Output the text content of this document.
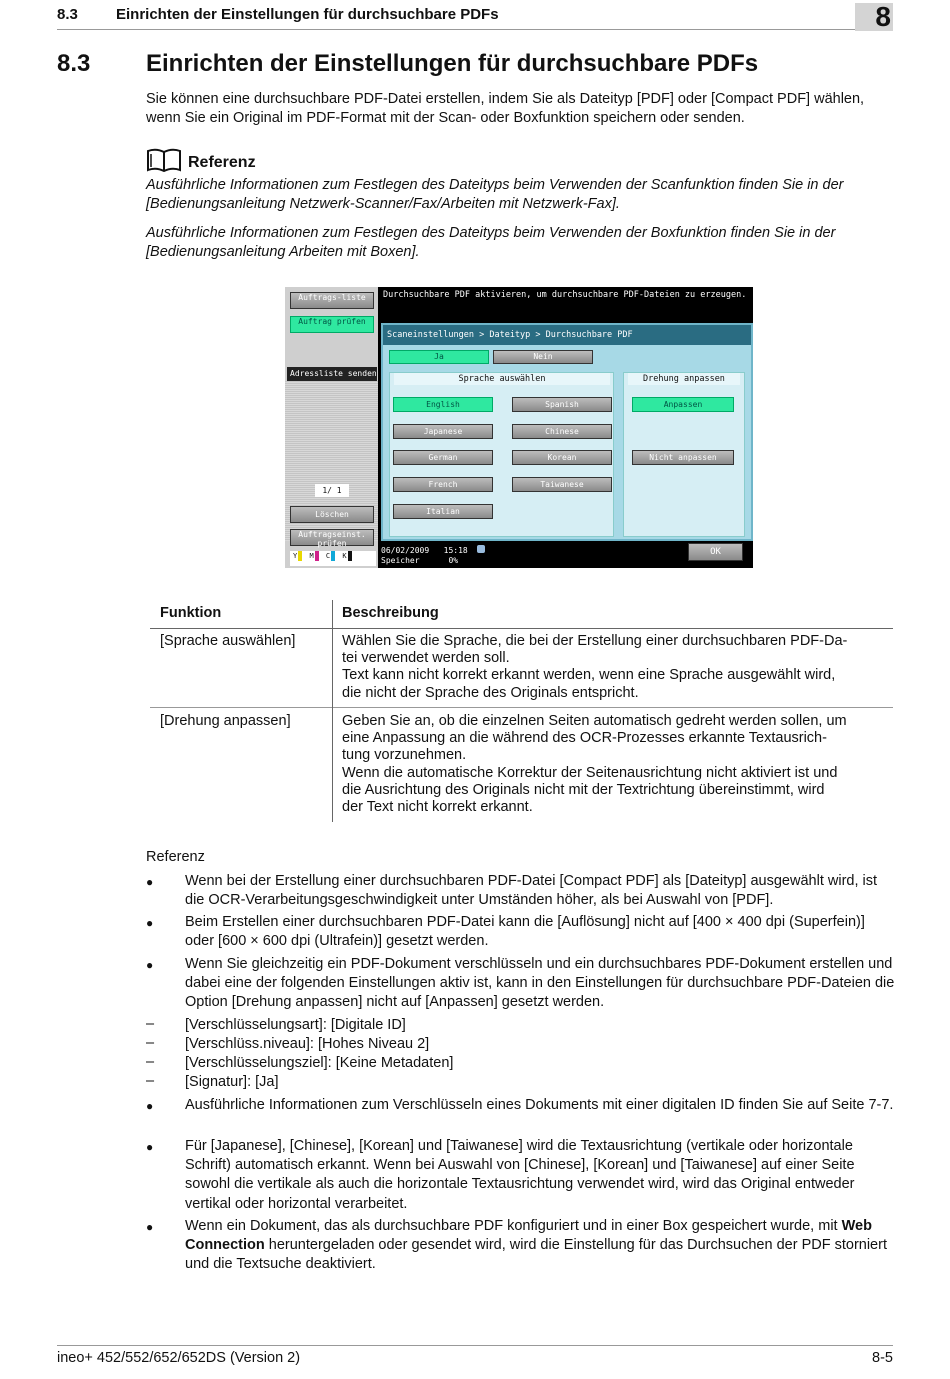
8.3	Einrichten der Einstellungen für durchsuchbare PDFs	8
8.3 Einrichten der Einstellungen für durchsuchbare PDFs
Sie können eine durchsuchbare PDF-Datei erstellen, indem Sie als Dateityp [PDF] oder [Compact PDF] wählen, wenn Sie ein Original im PDF-Format mit der Scan- oder Boxfunktion speichern oder senden.
Referenz
Ausführliche Informationen zum Festlegen des Dateityps beim Verwenden der Scanfunktion finden Sie in der [Bedienungsanleitung Netzwerk-Scanner/Fax/Arbeiten mit Netzwerk-Fax].
Ausführliche Informationen zum Festlegen des Dateityps beim Verwenden der Boxfunktion finden Sie in der [Bedienungsanleitung Arbeiten mit Boxen].
Auftrags-liste
Auftrag prüfen
Adressliste senden
1/ 1
Löschen
Auftragseinst. prüfen
Y M C K
Durchsuchbare PDF aktivieren, um durchsuchbare PDF-Dateien zu erzeugen.
Scaneinstellungen > Dateityp > Durchsuchbare PDF
Ja	Nein
Sprache auswählen
English	Spanish
Japanese	Chinese
German	Korean
French	Taiwanese
Italian
Drehung anpassen
Anpassen
Nicht anpassen
06/02/2009 15:18
Speicher	0%
OK
Funktion	Beschreibung
[Sprache auswählen]	Wählen Sie die Sprache, die bei der Erstellung einer durchsuchbaren PDF-Da-
tei verwendet werden soll.
Text kann nicht korrekt erkannt werden, wenn eine Sprache ausgewählt wird,
die nicht der Sprache des Originals entspricht.
[Drehung anpassen]	Geben Sie an, ob die einzelnen Seiten automatisch gedreht werden sollen, um
eine Anpassung an die während des OCR-Prozesses erkannte Textausrich-
tung vorzunehmen.
Wenn die automatische Korrektur der Seitenausrichtung nicht aktiviert ist und
die Ausrichtung des Originals nicht mit der Textrichtung übereinstimmt, wird
der Text nicht korrekt erkannt.
Referenz
● Wenn bei der Erstellung einer durchsuchbaren PDF-Datei [Compact PDF] als [Dateityp] ausgewählt wird, ist die OCR-Verarbeitungsgeschwindigkeit unter Umständen höher, als bei Auswahl von [PDF].
● Beim Erstellen einer durchsuchbaren PDF-Datei kann die [Auflösung] nicht auf [400 × 400 dpi (Superfein)] oder [600 × 600 dpi (Ultrafein)] gesetzt werden.
● Wenn Sie gleichzeitig ein PDF-Dokument verschlüsseln und ein durchsuchbares PDF-Dokument erstellen und dabei eine der folgenden Einstellungen aktiv ist, kann in den Einstellungen für durchsuchbare PDF-Dateien die Option [Drehung anpassen] nicht auf [Anpassen] gesetzt werden.
– [Verschlüsselungsart]: [Digitale ID]
– [Verschlüss.niveau]: [Hohes Niveau 2]
– [Verschlüsselungsziel]: [Keine Metadaten]
– [Signatur]: [Ja]
● Ausführliche Informationen zum Verschlüsseln eines Dokuments mit einer digitalen ID finden Sie auf Seite 7-7.
● Für [Japanese], [Chinese], [Korean] und [Taiwanese] wird die Textausrichtung (vertikale oder horizontale Schrift) automatisch erkannt. Wenn bei Auswahl von [Chinese], [Korean] und [Taiwanese] auf einer Seite sowohl die vertikale als auch die horizontale Textausrichtung verwendet wird, wird das Original entweder vertikal oder horizontal verarbeitet.
● Wenn ein Dokument, das als durchsuchbare PDF konfiguriert und in einer Box gespeichert wurde, mit Web Connection heruntergeladen oder gesendet wird, wird die Einstellung für das Durchsuchen der PDF storniert und die Textsuche deaktiviert.
ineo+ 452/552/652/652DS (Version 2)	8-5
